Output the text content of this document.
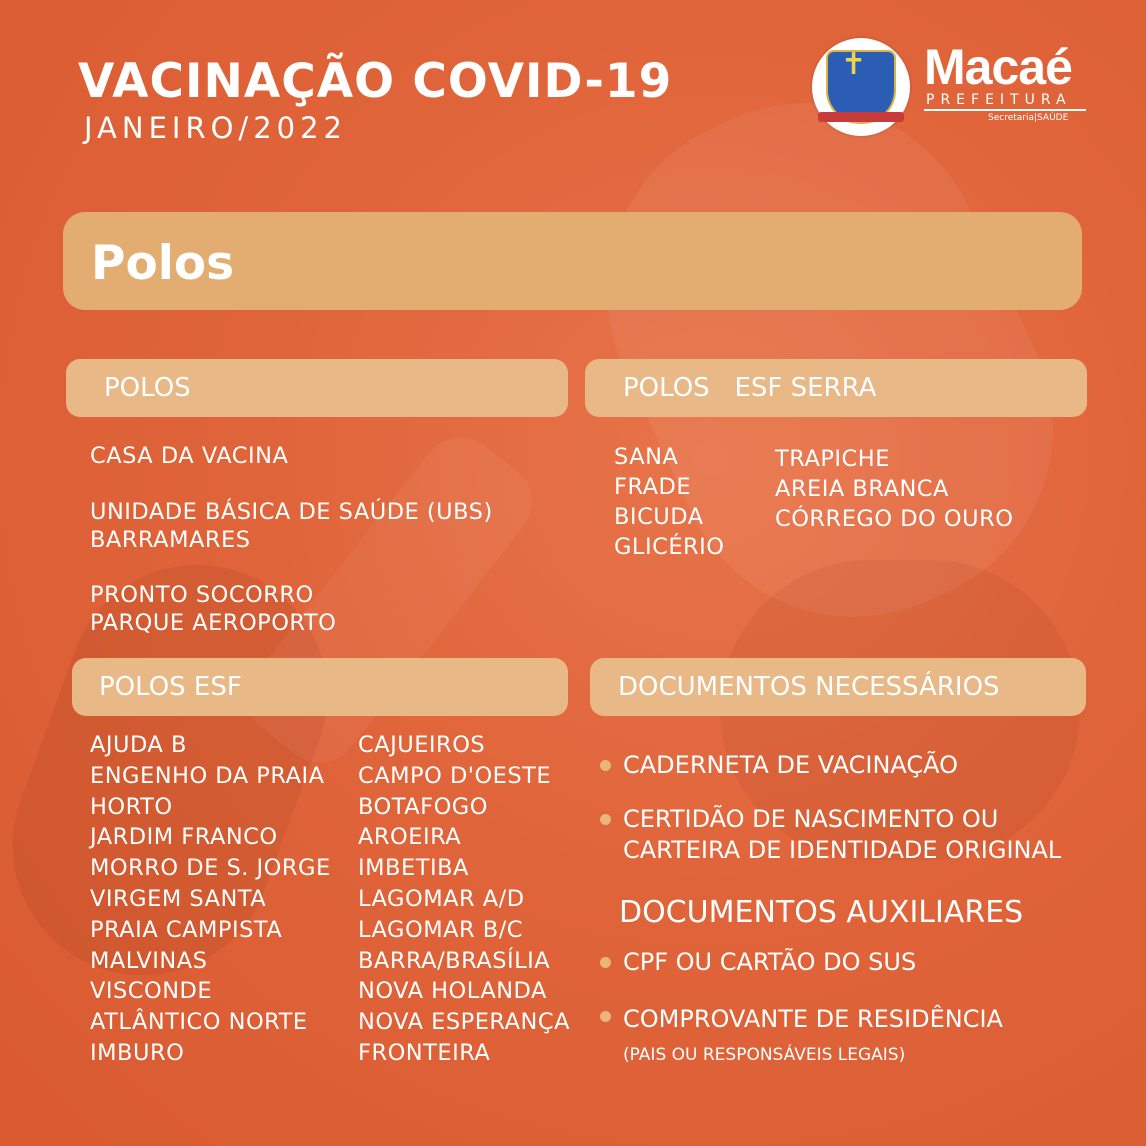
VACINAÇÃO COVID-19
JANEIRO/2022
✝ Macaé
PREFEITURA
Secretaria|SAÚDE
Polos
POLOS
CASA DA VACINA
UNIDADE BÁSICA DE SAÚDE (UBS)
BARRAMARES
PRONTO SOCORRO
PARQUE AEROPORTO
POLOS   ESF SERRA
SANA
FRADE
BICUDA
GLICÉRIO
TRAPICHE
AREIA BRANCA
CÓRREGO DO OURO
POLOS ESF
AJUDA B
ENGENHO DA PRAIA
HORTO
JARDIM FRANCO
MORRO DE S. JORGE
VIRGEM SANTA
PRAIA CAMPISTA
MALVINAS
VISCONDE
ATLÂNTICO NORTE
IMBURO
CAJUEIROS
CAMPO D'OESTE
BOTAFOGO
AROEIRA
IMBETIBA
LAGOMAR A/D
LAGOMAR B/C
BARRA/BRASÍLIA
NOVA HOLANDA
NOVA ESPERANÇA
FRONTEIRA
DOCUMENTOS NECESSÁRIOS
CADERNETA DE VACINAÇÃO
CERTIDÃO DE NASCIMENTO OU
CARTEIRA DE IDENTIDADE ORIGINAL
DOCUMENTOS AUXILIARES
CPF OU CARTÃO DO SUS
COMPROVANTE DE RESIDÊNCIA
(PAIS OU RESPONSÁVEIS LEGAIS)
